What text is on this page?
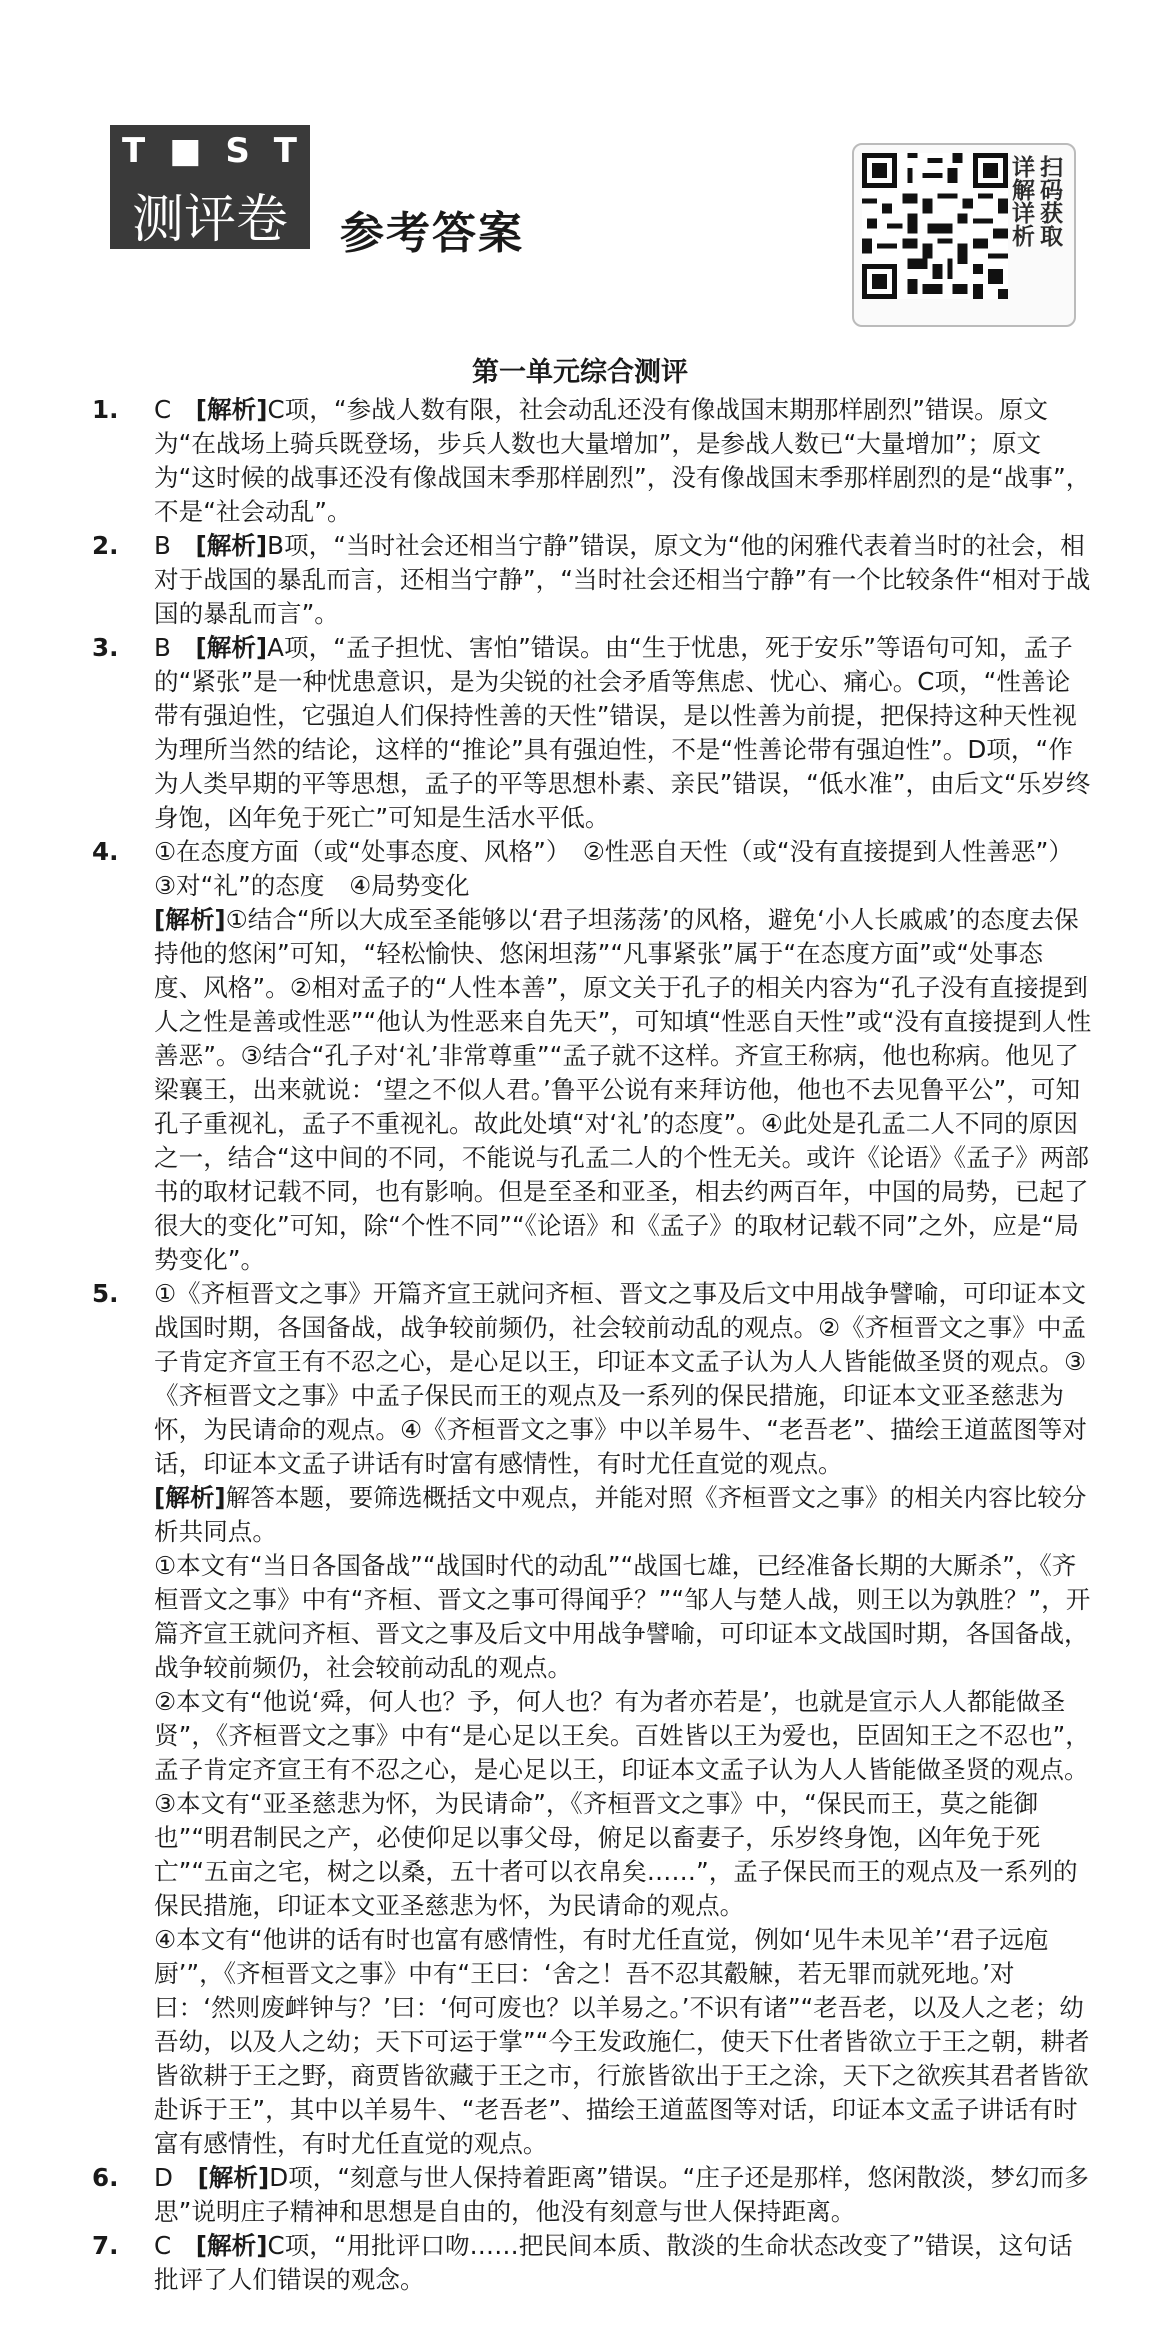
T■ST
测评卷	参考答案	详解详析 扫码获取
第一单元综合测评
1. C　 [解析]C项，“参战人数有限，社会动乱还没有像战国末期那样剧烈”错误。原文为“在战场上骑兵既登场，步兵人数也大量增加”，是参战人数已“大量增加”；原文为“这时候的战事还没有像战国末季那样剧烈”，没有像战国末季那样剧烈的是“战事”，不是“社会动乱”。

2. B　 [解析]B项，“当时社会还相当宁静”错误，原文为“他的闲雅代表着当时的社会，相对于战国的暴乱而言，还相当宁静”，“当时社会还相当宁静”有一个比较条件“相对于战国的暴乱而言”。

3. B　 [解析]A项，“孟子担忧、害怕”错误。由“生于忧患，死于安乐”等语句可知，孟子的“紧张”是一种忧患意识，是为尖锐的社会矛盾等焦虑、忧心、痛心。C项，“性善论带有强迫性，它强迫人们保持性善的天性”错误，是以性善为前提，把保持这种天性视为理所当然的结论，这样的“推论”具有强迫性，不是“性善论带有强迫性”。D项，“作为人类早期的平等思想，孟子的平等思想朴素、亲民”错误，“低水准”，由后文“乐岁终身饱，凶年免于死亡”可知是生活水平低。

4. ①在态度方面（或“处事态度、风格”）　②性恶自天性（或“没有直接提到人性善恶”）　③对“礼”的态度　④局势变化

[解析]①结合“所以大成至圣能够以‘君子坦荡荡’的风格，避免‘小人长戚戚’的态度去保持他的悠闲”可知，“轻松愉快、悠闲坦荡”“凡事紧张”属于“在态度方面”或“处事态度、风格”。②相对孟子的“人性本善”，原文关于孔子的相关内容为“孔子没有直接提到人之性是善或性恶”“他认为性恶来自先天”，可知填“性恶自天性”或“没有直接提到人性善恶”。③结合“孔子对‘礼’非常尊重”“孟子就不这样。齐宣王称病，他也称病。他见了梁襄王，出来就说：‘望之不似人君。’鲁平公说有来拜访他，他也不去见鲁平公”，可知孔子重视礼，孟子不重视礼。故此处填“对‘礼’的态度”。④此处是孔孟二人不同的原因之一，结合“这中间的不同，不能说与孔孟二人的个性无关。或许《论语》《孟子》两部书的取材记载不同，也有影响。但是至圣和亚圣，相去约两百年，中国的局势，已起了很大的变化”可知，除“个性不同”“《论语》和《孟子》的取材记载不同”之外，应是“局势变化”。

5. ①《齐桓晋文之事》开篇齐宣王就问齐桓、晋文之事及后文中用战争譬喻，可印证本文战国时期，各国备战，战争较前频仍，社会较前动乱的观点。②《齐桓晋文之事》中孟子肯定齐宣王有不忍之心，是心足以王，印证本文孟子认为人人皆能做圣贤的观点。③《齐桓晋文之事》中孟子保民而王的观点及一系列的保民措施，印证本文亚圣慈悲为怀，为民请命的观点。④《齐桓晋文之事》中以羊易牛、“老吾老”、描绘王道蓝图等对话，印证本文孟子讲话有时富有感情性，有时尤任直觉的观点。

[解析]解答本题，要筛选概括文中观点，并能对照《齐桓晋文之事》的相关内容比较分析共同点。

①本文有“当日各国备战”“战国时代的动乱”“战国七雄，已经准备长期的大厮杀”，《齐桓晋文之事》中有“齐桓、晋文之事可得闻乎？”“邹人与楚人战，则王以为孰胜？”，开篇齐宣王就问齐桓、晋文之事及后文中用战争譬喻，可印证本文战国时期，各国备战，战争较前频仍，社会较前动乱的观点。

②本文有“他说‘舜，何人也？予，何人也？有为者亦若是’，也就是宣示人人都能做圣贤”，《齐桓晋文之事》中有“是心足以王矣。百姓皆以王为爱也，臣固知王之不忍也”，孟子肯定齐宣王有不忍之心，是心足以王，印证本文孟子认为人人皆能做圣贤的观点。

③本文有“亚圣慈悲为怀，为民请命”，《齐桓晋文之事》中，“保民而王，莫之能御也”“明君制民之产，必使仰足以事父母，俯足以畜妻子，乐岁终身饱，凶年免于死亡”“五亩之宅，树之以桑，五十者可以衣帛矣……”，孟子保民而王的观点及一系列的保民措施，印证本文亚圣慈悲为怀，为民请命的观点。

④本文有“他讲的话有时也富有感情性，有时尤任直觉，例如‘见牛未见羊’‘君子远庖厨’”，《齐桓晋文之事》中有“王曰：‘舍之！吾不忍其觳觫，若无罪而就死地。’对曰：‘然则废衅钟与？’曰：‘何可废也？以羊易之。’不识有诸”“老吾老，以及人之老；幼吾幼，以及人之幼；天下可运于掌”“今王发政施仁，使天下仕者皆欲立于王之朝，耕者皆欲耕于王之野，商贾皆欲藏于王之市，行旅皆欲出于王之涂，天下之欲疾其君者皆欲赴诉于王”，其中以羊易牛、“老吾老”、描绘王道蓝图等对话，印证本文孟子讲话有时富有感情性，有时尤任直觉的观点。

6. D　 [解析]D项，“刻意与世人保持着距离”错误。“庄子还是那样，悠闲散淡，梦幻而多思”说明庄子精神和思想是自由的，他没有刻意与世人保持距离。

7. C　 [解析]C项，“用批评口吻……把民间本质、散淡的生命状态改变了”错误，这句话批评了人们错误的观念。
